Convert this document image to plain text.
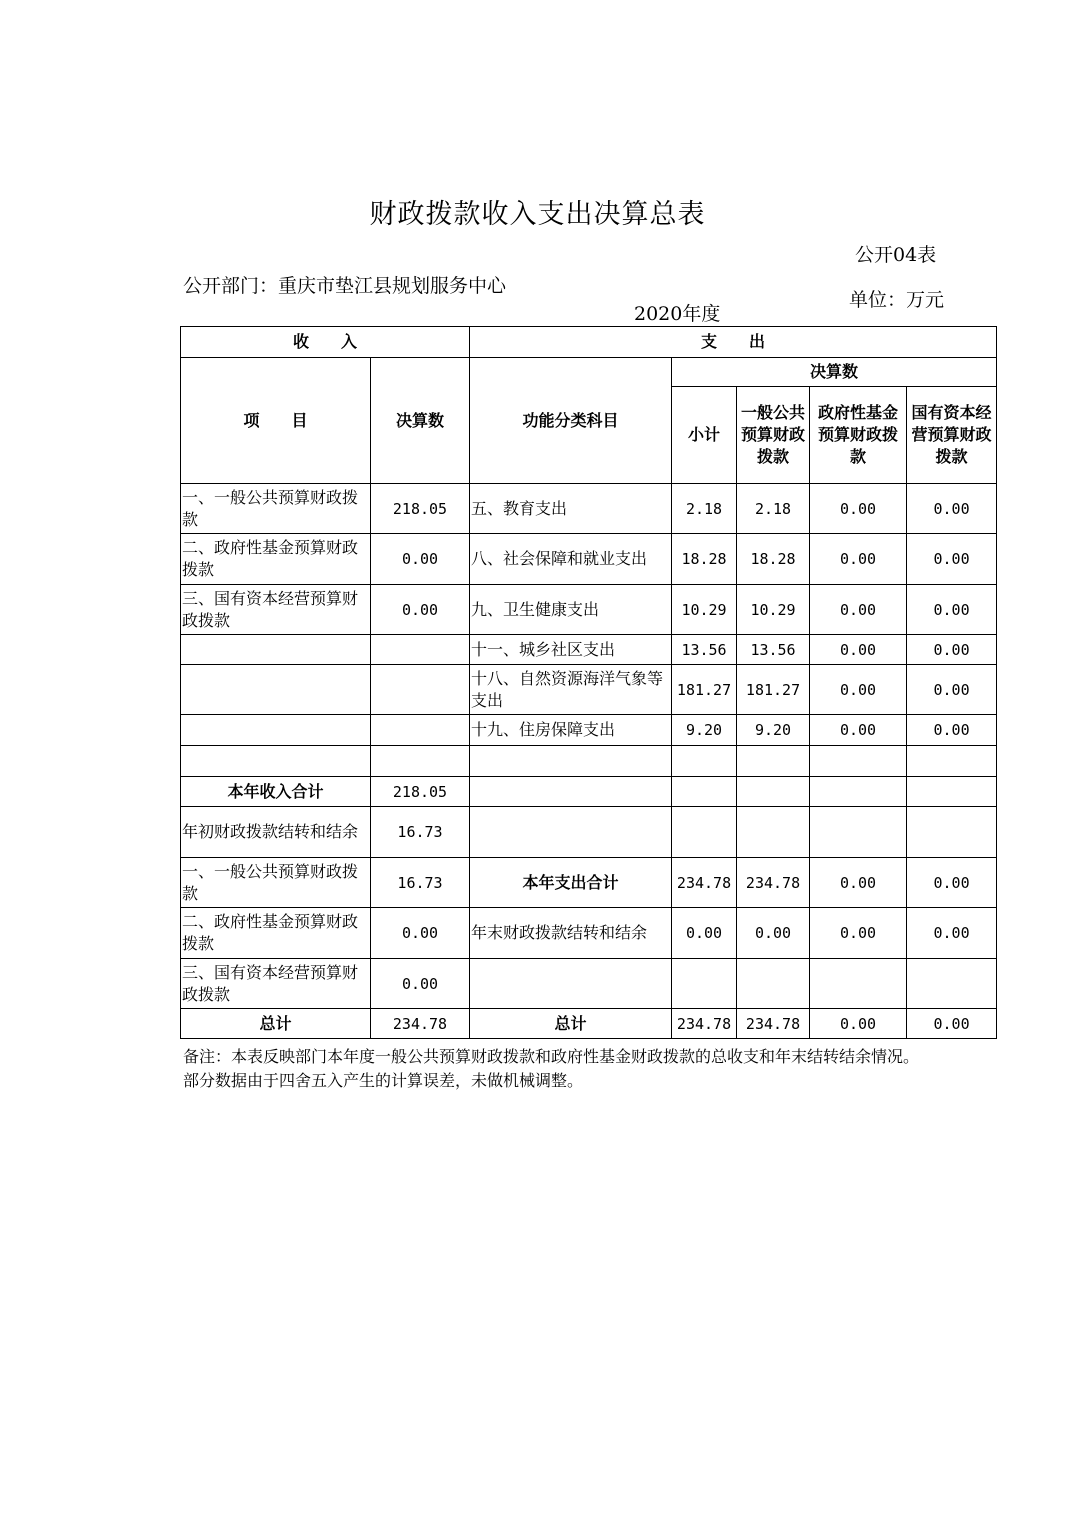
财政拨款收入支出决算总表
公开04表
公开部门：重庆市垫江县规划服务中心
2020年度
单位：万元
收　　入		支　　出				
项　　目	决算数	功能分类科目	决算数			
			小计	一般公共预算财政拨款	政府性基金预算财政拨款	国有资本经营预算财政拨款
一、一般公共预算财政拨款	218.05	五、教育支出	2.18	2.18	0.00	0.00
二、政府性基金预算财政拨款	0.00	八、社会保障和就业支出	18.28	18.28	0.00	0.00
三、国有资本经营预算财政拨款	0.00	九、卫生健康支出	10.29	10.29	0.00	0.00
		十一、城乡社区支出	13.56	13.56	0.00	0.00
		十八、自然资源海洋气象等支出	181.27	181.27	0.00	0.00
		十九、住房保障支出	9.20	9.20	0.00	0.00

本年收入合计	218.05					
年初财政拨款结转和结余	16.73					
一、一般公共预算财政拨款	16.73	本年支出合计	234.78	234.78	0.00	0.00
二、政府性基金预算财政拨款	0.00	年末财政拨款结转和结余	0.00	0.00	0.00	0.00
三、国有资本经营预算财政拨款	0.00					
总计	234.78	总计	234.78	234.78	0.00	0.00
备注：本表反映部门本年度一般公共预算财政拨款和政府性基金财政拨款的总收支和年末结转结余情况。部分数据由于四舍五入产生的计算误差，未做机械调整。
